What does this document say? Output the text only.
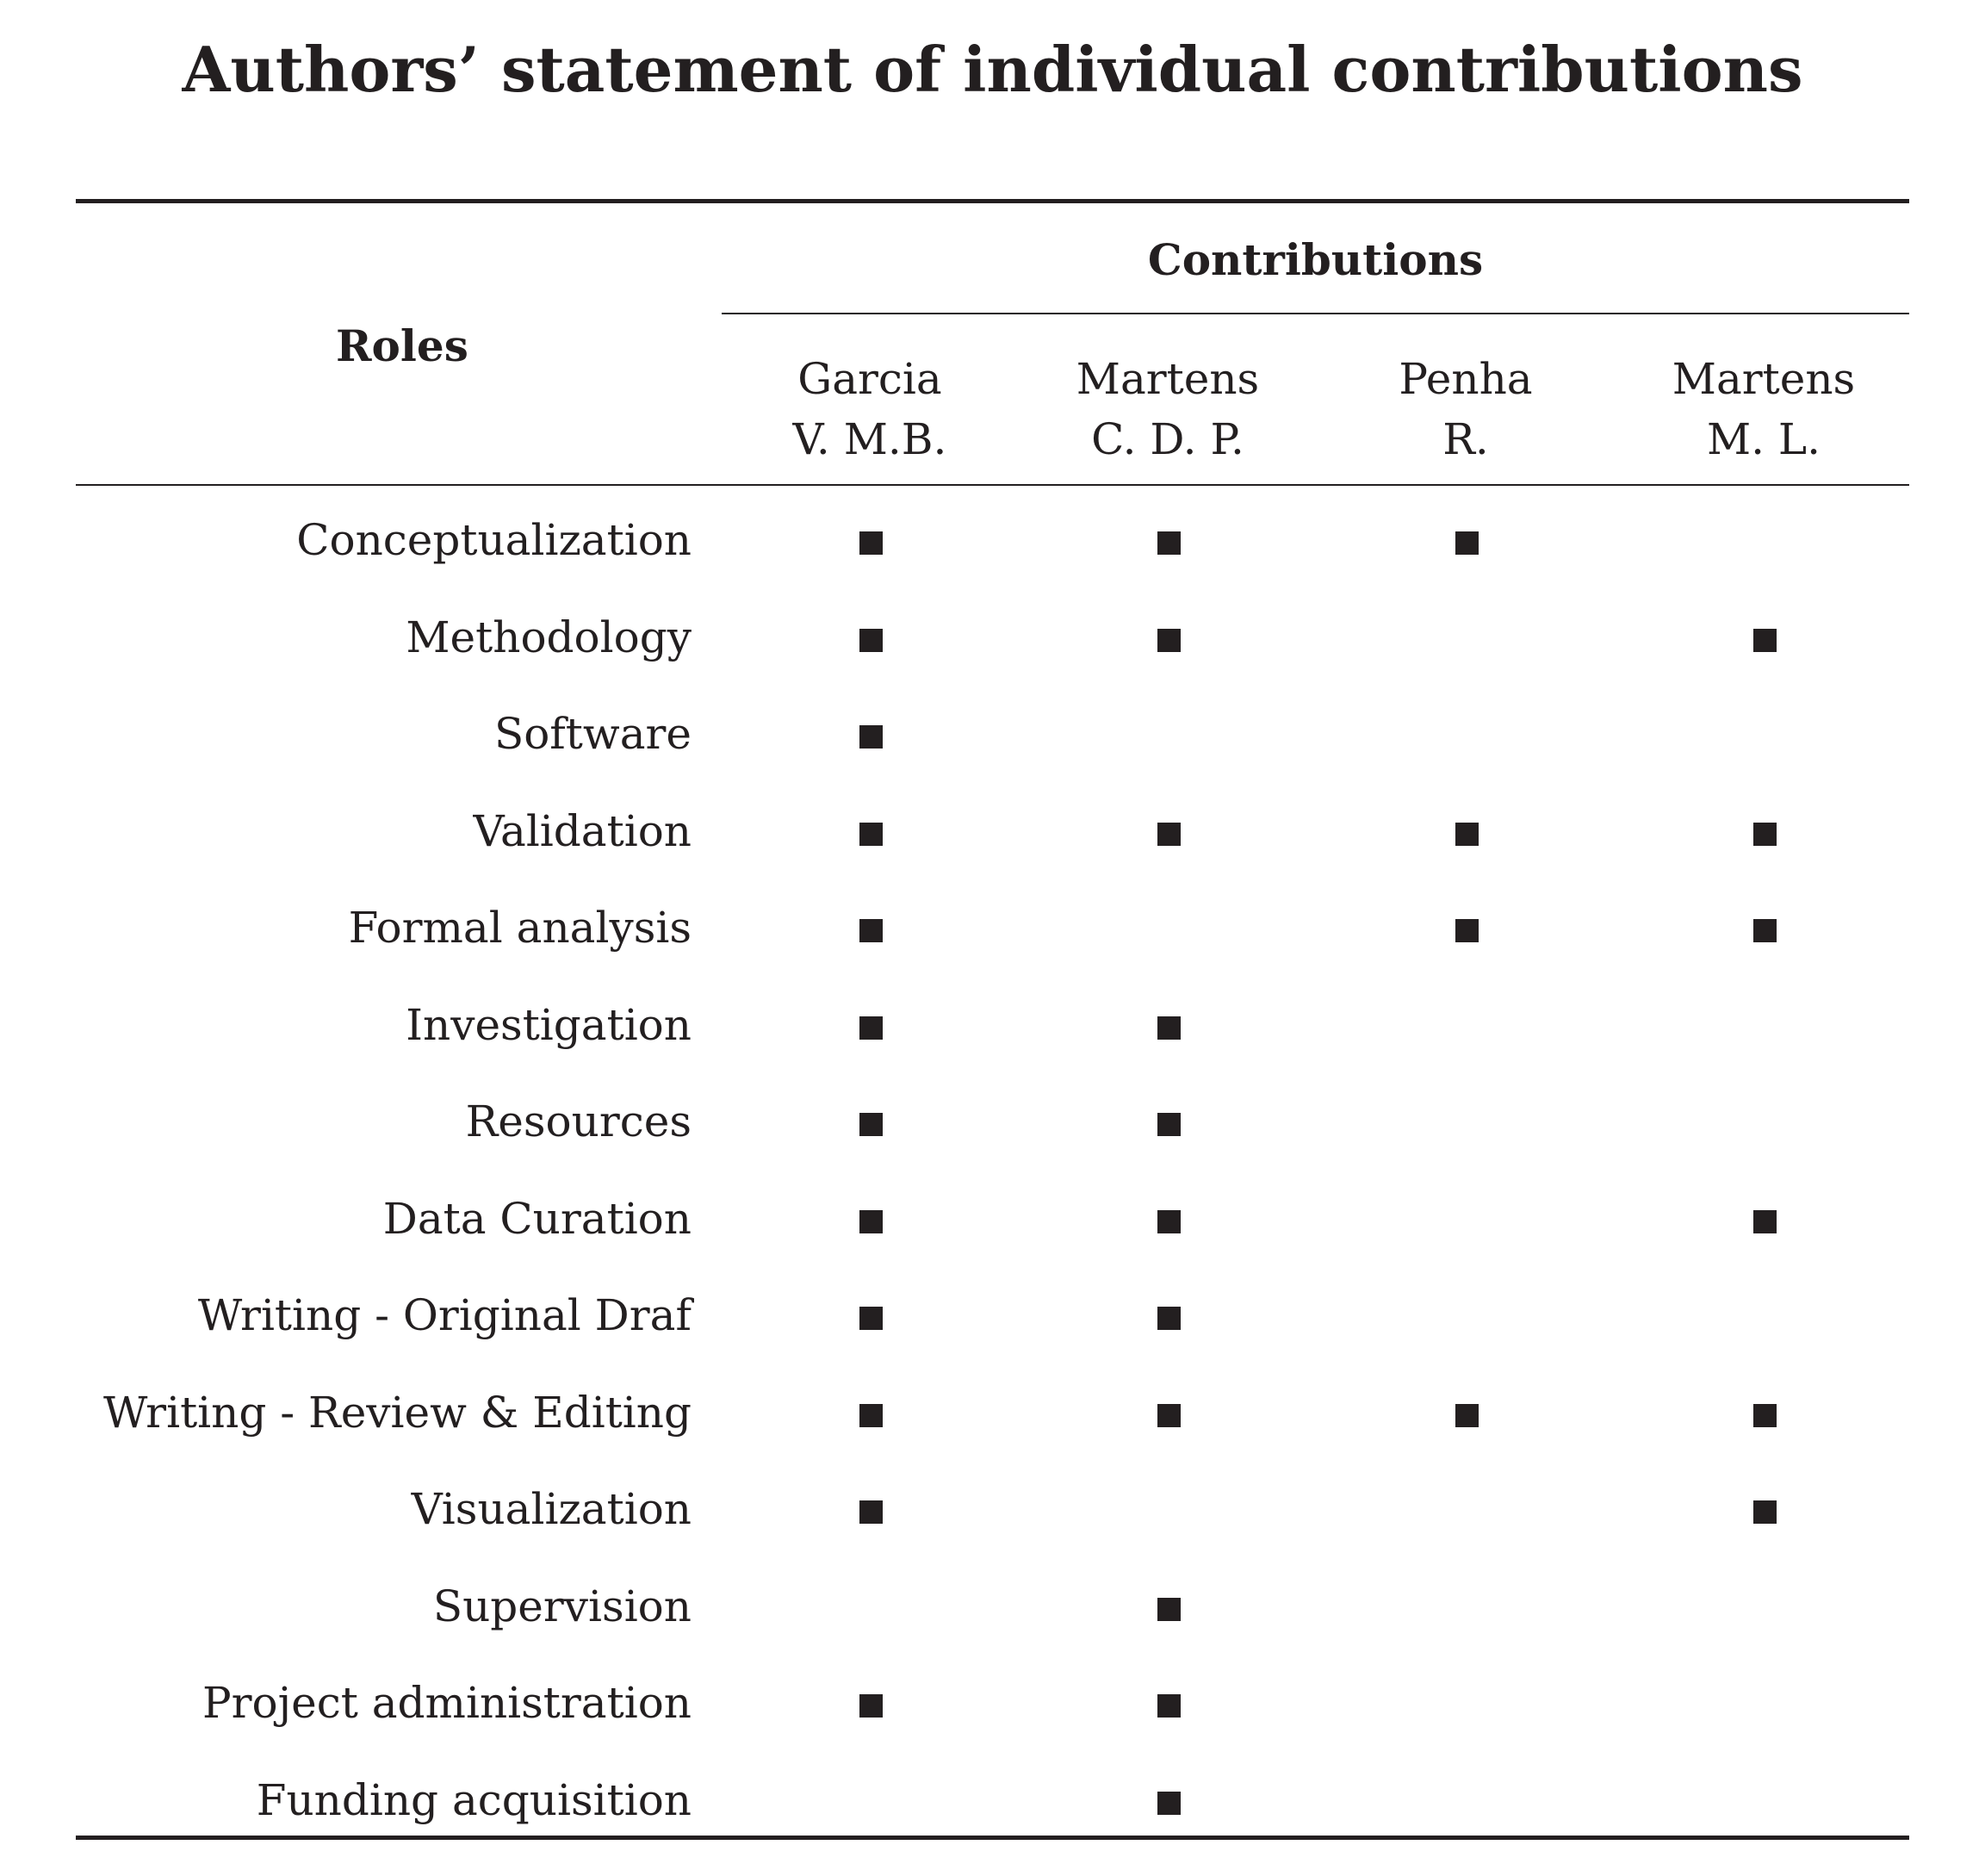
Authors’ statement of individual contributions
Contributions
Roles
Garcia
V. M.B.
Martens
C. D. P.
Penha
R.
Martens
M. L.
Conceptualization
Methodology
Software
Validation
Formal analysis
Investigation
Resources
Data Curation
Writing - Original Draf
Writing - Review & Editing
Visualization
Supervision
Project administration
Funding acquisition
